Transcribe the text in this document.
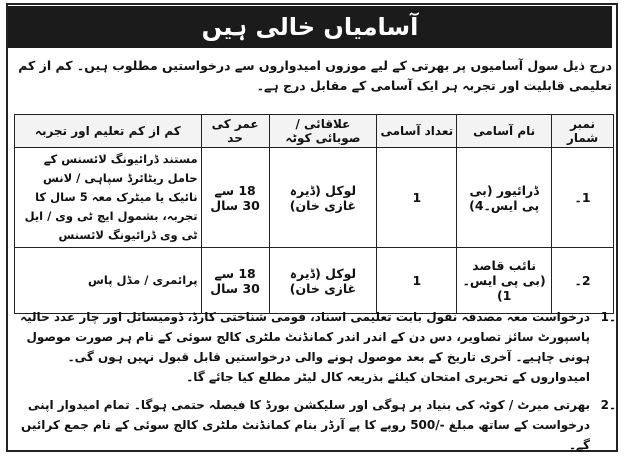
آسامیاں خالی ہیں
درج ذیل سول آسامیوں پر بھرتی کے لیے موزوں امیدواروں سے درخواستیں مطلوب ہیں۔ کم از کم تعلیمی قابلیت اور تجربہ ہر ایک آسامی کے مقابل درج ہے۔
نمبر شمار	نام آسامی	تعداد آسامی	علاقائی / صوبائی کوٹہ	عمر کی حد	کم از کم تعلیم اور تجربہ
1۔	ڈرائیور (بی پی ایس۔4)	1	لوکل (ڈیرہ غازی خان)	18 سے 30 سال	مستند ڈرائیونگ لائسنس کے حامل ریٹائرڈ سپاہی / لانس نائیک یا میٹرک معہ 5 سال کا تجربہ، بشمول ایچ ٹی وی / ایل ٹی وی ڈرائیونگ لائسنس
2۔	نائب قاصد (بی پی ایس۔1)	1	لوکل (ڈیرہ غازی خان)	18 سے 30 سال	پرائمری / مڈل پاس
1۔
درخواست معہ مصدقہ نقول بابت تعلیمی اسناد، قومی شناختی کارڈ، ڈومیسائل اور چار عدد حالیہ پاسپورٹ سائز تصاویر، دس دن کے اندر اندر کمانڈنٹ ملٹری کالج سوئی کے نام ہر صورت موصول ہونی چاہیے۔ آخری تاریخ کے بعد موصول ہونے والی درخواستیں قابل قبول نہیں ہوں گی۔ امیدواروں کے تحریری امتحان کیلئے بذریعہ کال لیٹر مطلع کیا جائے گا۔
2۔
بھرتی میرٹ / کوٹہ کی بنیاد پر ہوگی اور سلیکشن بورڈ کا فیصلہ حتمی ہوگا۔ تمام امیدوار اپنی درخواست کے ساتھ مبلغ -/500 روپے کا پے آرڈر بنام کمانڈنٹ ملٹری کالج سوئی کے نام جمع کرائیں گے۔
